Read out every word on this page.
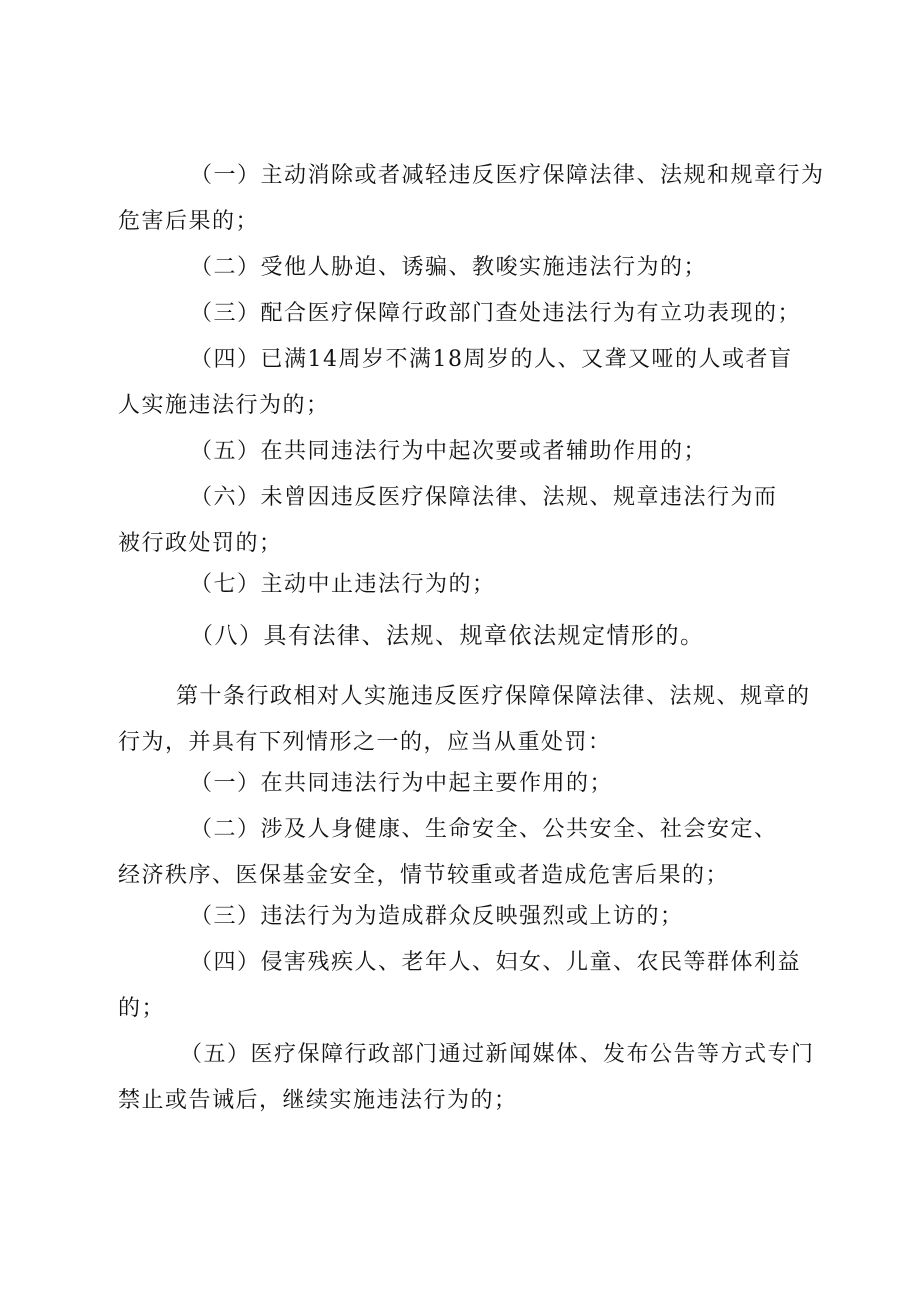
（一）主动消除或者减轻违反医疗保障法律、法规和规章行为
危害后果的；
（二）受他人胁迫、诱骗、教唆实施违法行为的；
（三）配合医疗保障行政部门查处违法行为有立功表现的；
（四）已满14周岁不满18周岁的人、又聋又哑的人或者盲
人实施违法行为的；
（五）在共同违法行为中起次要或者辅助作用的；
（六）未曾因违反医疗保障法律、法规、规章违法行为而
被行政处罚的；
（七）主动中止违法行为的；
（八）具有法律、法规、规章依法规定情形的。
第十条行政相对人实施违反医疗保障保障法律、法规、规章的
行为，并具有下列情形之一的，应当从重处罚：
（一）在共同违法行为中起主要作用的；
（二）涉及人身健康、生命安全、公共安全、社会安定、
经济秩序、医保基金安全，情节较重或者造成危害后果的；
（三）违法行为为造成群众反映强烈或上访的；
（四）侵害残疾人、老年人、妇女、儿童、农民等群体利益
的；
（五）医疗保障行政部门通过新闻媒体、发布公告等方式专门
禁止或告诫后，继续实施违法行为的；
